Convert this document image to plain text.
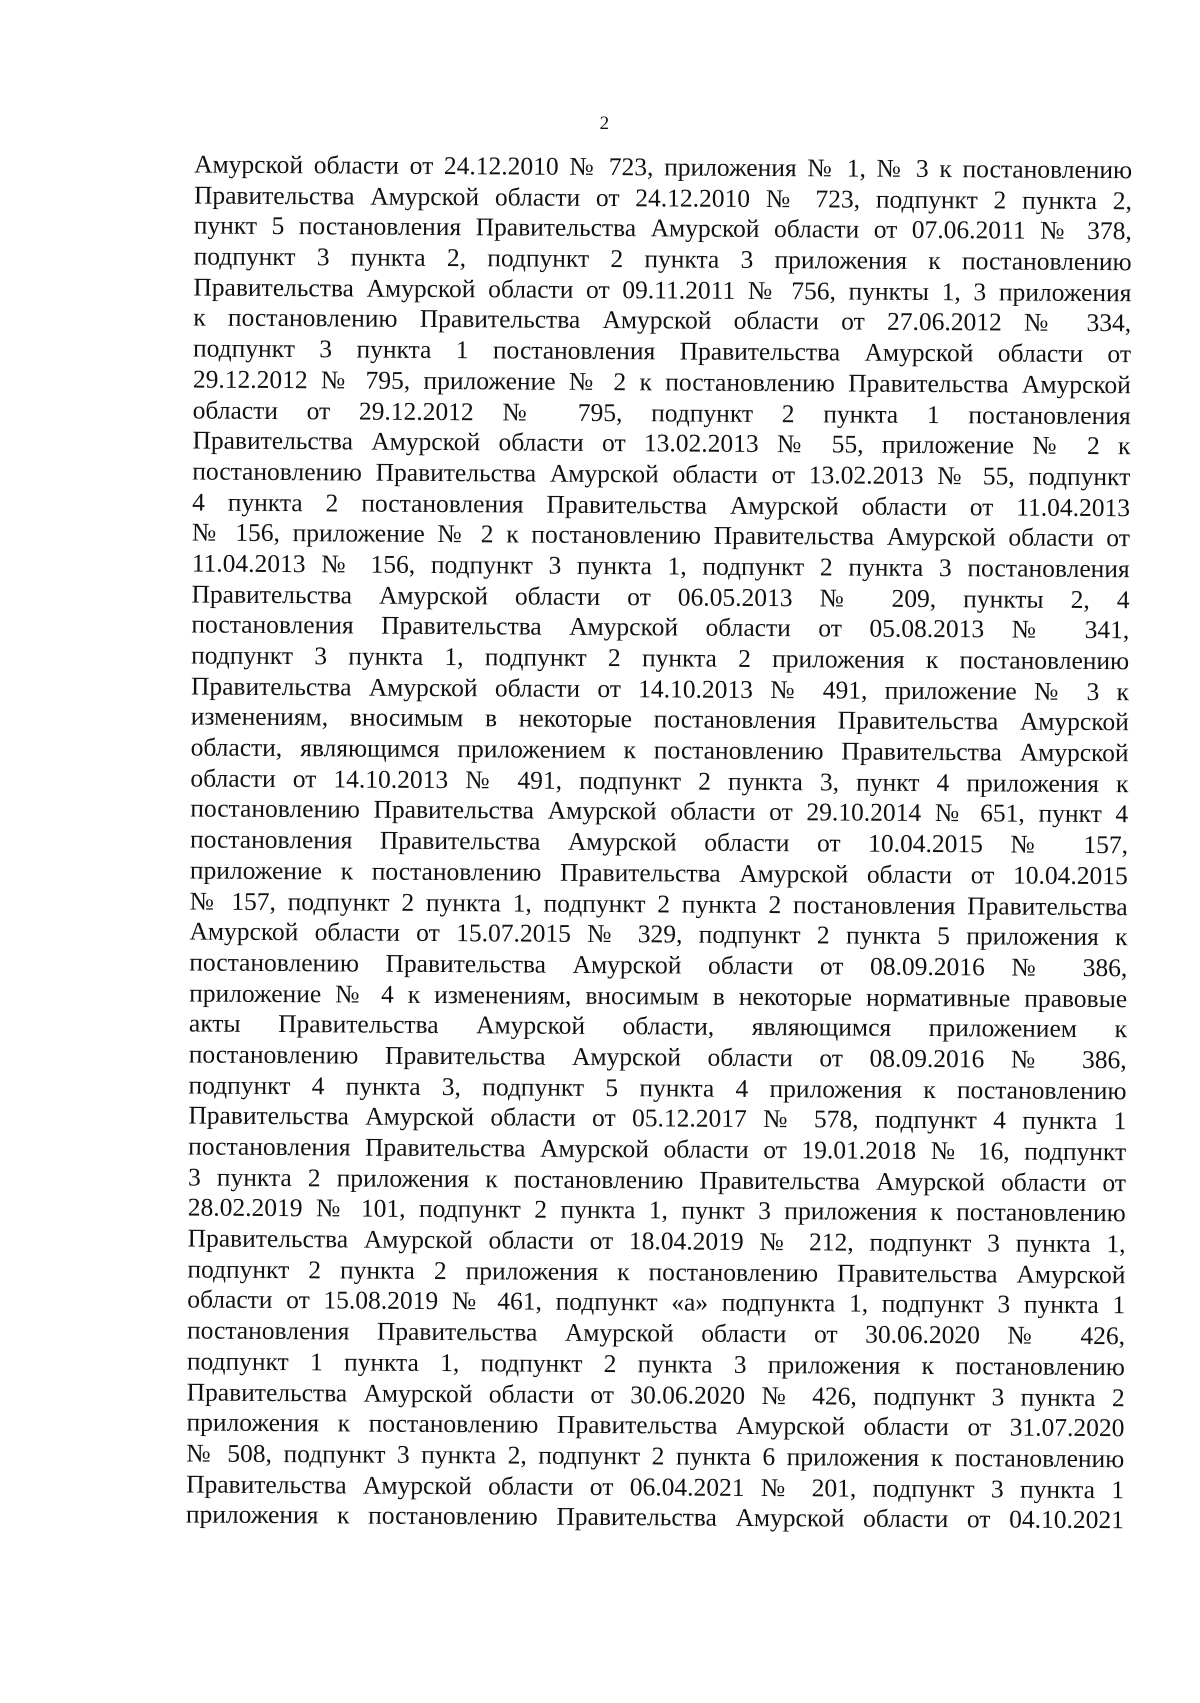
2

Амурской области от 24.12.2010 № 723, приложения № 1, № 3 к постановлению
Правительства Амурской области от 24.12.2010 № 723, подпункт 2 пункта 2,
пункт 5 постановления Правительства Амурской области от 07.06.2011 № 378,
подпункт 3 пункта 2, подпункт 2 пункта 3 приложения к постановлению
Правительства Амурской области от 09.11.2011 № 756, пункты 1, 3 приложения
к постановлению Правительства Амурской области от 27.06.2012 № 334,
подпункт 3 пункта 1 постановления Правительства Амурской области от
29.12.2012 № 795, приложение № 2 к постановлению Правительства Амурской
области от 29.12.2012 № 795, подпункт 2 пункта 1 постановления
Правительства Амурской области от 13.02.2013 № 55, приложение № 2 к
постановлению Правительства Амурской области от 13.02.2013 № 55, подпункт
4 пункта 2 постановления Правительства Амурской области от 11.04.2013
№ 156, приложение № 2 к постановлению Правительства Амурской области от
11.04.2013 № 156, подпункт 3 пункта 1, подпункт 2 пункта 3 постановления
Правительства Амурской области от 06.05.2013 № 209, пункты 2, 4
постановления Правительства Амурской области от 05.08.2013 № 341,
подпункт 3 пункта 1, подпункт 2 пункта 2 приложения к постановлению
Правительства Амурской области от 14.10.2013 № 491, приложение № 3 к
изменениям, вносимым в некоторые постановления Правительства Амурской
области, являющимся приложением к постановлению Правительства Амурской
области от 14.10.2013 № 491, подпункт 2 пункта 3, пункт 4 приложения к
постановлению Правительства Амурской области от 29.10.2014 № 651, пункт 4
постановления Правительства Амурской области от 10.04.2015 № 157,
приложение к постановлению Правительства Амурской области от 10.04.2015
№ 157, подпункт 2 пункта 1, подпункт 2 пункта 2 постановления Правительства
Амурской области от 15.07.2015 № 329, подпункт 2 пункта 5 приложения к
постановлению Правительства Амурской области от 08.09.2016 № 386,
приложение № 4 к изменениям, вносимым в некоторые нормативные правовые
акты Правительства Амурской области, являющимся приложением к
постановлению Правительства Амурской области от 08.09.2016 № 386,
подпункт 4 пункта 3, подпункт 5 пункта 4 приложения к постановлению
Правительства Амурской области от 05.12.2017 № 578, подпункт 4 пункта 1
постановления Правительства Амурской области от 19.01.2018 № 16, подпункт
3 пункта 2 приложения к постановлению Правительства Амурской области от
28.02.2019 № 101, подпункт 2 пункта 1, пункт 3 приложения к постановлению
Правительства Амурской области от 18.04.2019 № 212, подпункт 3 пункта 1,
подпункт 2 пункта 2 приложения к постановлению Правительства Амурской
области от 15.08.2019 № 461, подпункт «а» подпункта 1, подпункт 3 пункта 1
постановления Правительства Амурской области от 30.06.2020 № 426,
подпункт 1 пункта 1, подпункт 2 пункта 3 приложения к постановлению
Правительства Амурской области от 30.06.2020 № 426, подпункт 3 пункта 2
приложения к постановлению Правительства Амурской области от 31.07.2020
№ 508, подпункт 3 пункта 2, подпункт 2 пункта 6 приложения к постановлению
Правительства Амурской области от 06.04.2021 № 201, подпункт 3 пункта 1
приложения к постановлению Правительства Амурской области от 04.10.2021
